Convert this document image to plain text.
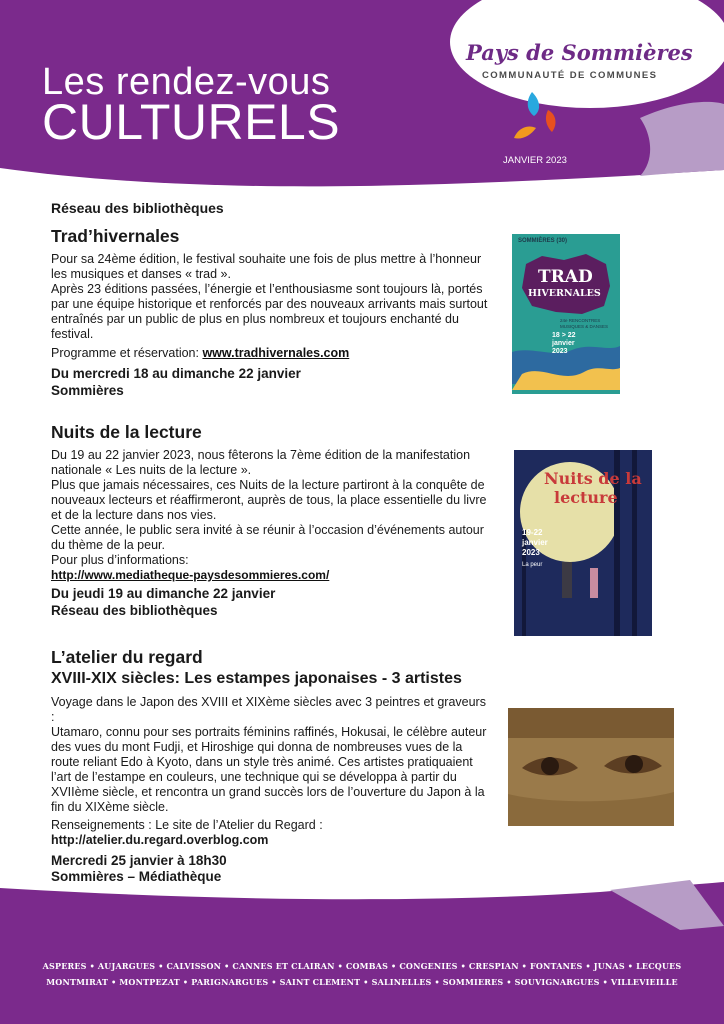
Les rendez-vous
CULTURELS
Pays de Sommières
COMMUNAUTÉ DE COMMUNES
JANVIER 2023
Réseau des bibliothèques
Trad’hivernales

Pour sa 24ème édition, le festival souhaite une fois de plus mettre à l’honneur les musiques et danses « trad ».

Après 23 éditions passées, l’énergie et l’enthousiasme sont toujours là, portés par une équipe historique et renforcés par des nouveaux arrivants mais surtout entraînés par un public de plus en plus nombreux et toujours enchanté du festival.

Programme et réservation: www.tradhivernales.com
Du mercredi 18 au dimanche 22 janvier
Sommières
SOMMIÈRES (30)
TRAD
HIVERNALES
24e RENCONTRES MUSIQUES & DANSES
18 > 22 janvier 2023
Nuits de la lecture

Du 19 au 22 janvier 2023, nous fêterons la 7ème édition de la manifestation nationale « Les nuits de la lecture ».

Plus que jamais nécessaires, ces Nuits de la lecture partiront à la conquête de nouveaux lecteurs et réaffirmeront, auprès de tous, la place essentielle du livre et de la lecture dans nos vies.

Cette année, le public sera invité à se réunir à l’occasion d’événements autour du thème de la peur.

Pour plus d’informations:

http://www.mediatheque-paysdesommieres.com/
Du jeudi 19 au dimanche 22 janvier
Réseau des bibliothèques
Nuits de la
lecture
19-22
janvier
2023
La peur
L’atelier du regard
XVIII-XIX siècles: Les estampes japonaises - 3 artistes

Voyage dans le Japon des XVIII et XIXème siècles avec 3 peintres et graveurs :

Utamaro, connu pour ses portraits féminins raffinés, Hokusai, le célèbre auteur des vues du mont Fudji, et Hiroshige qui donna de nombreuses vues de la route reliant Edo à Kyoto, dans un style très animé. Ces artistes pratiquaient l’art de l’estampe en couleurs, une technique qui se développa à partir du XVIIème siècle, et rencontra un grand succès lors de l’ouverture du Japon à la fin du XIXème siècle.

Renseignements : Le site de l’Atelier du Regard :
http://atelier.du.regard.overblog.com
Mercredi 25 janvier à 18h30
Sommières – Médiathèque
ASPERES • AUJARGUES • CALVISSON • CANNES ET CLAIRAN • COMBAS • CONGENIES • CRESPIAN • FONTANES • JUNAS • LECQUES
MONTMIRAT • MONTPEZAT • PARIGNARGUES • SAINT CLEMENT • SALINELLES • SOMMIERES • SOUVIGNARGUES • VILLEVIEILLE
